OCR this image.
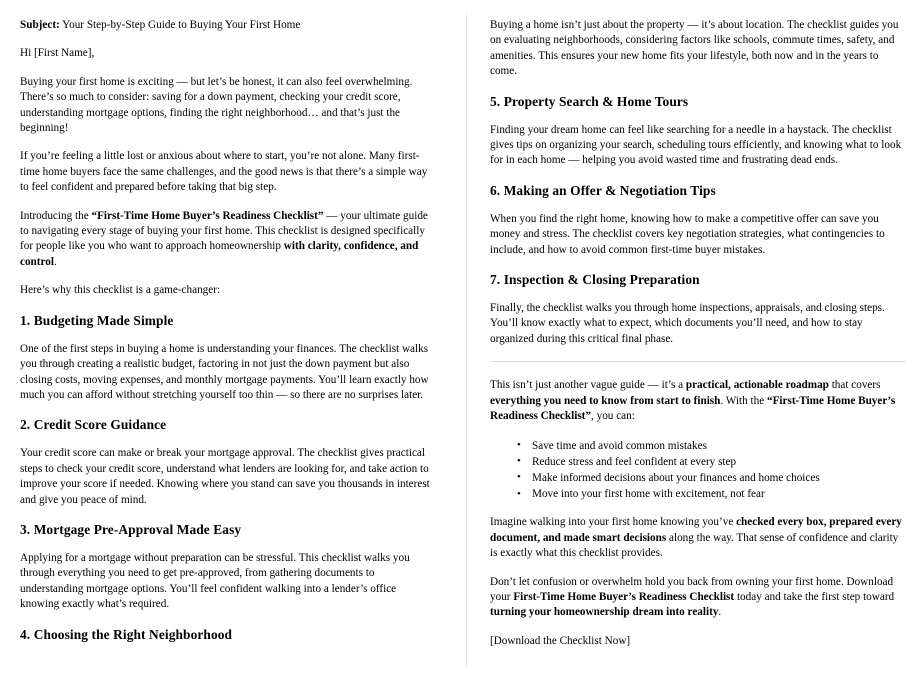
Subject: Your Step-by-Step Guide to Buying Your First Home

Hi [First Name],

Buying your first home is exciting — but let’s be honest, it can also feel overwhelming. There’s so much to consider: saving for a down payment, checking your credit score, understanding mortgage options, finding the right neighborhood… and that’s just the beginning!

If you’re feeling a little lost or anxious about where to start, you’re not alone. Many first-time home buyers face the same challenges, and the good news is that there’s a simple way to feel confident and prepared before taking that big step.

Introducing the “First-Time Home Buyer’s Readiness Checklist” — your ultimate guide to navigating every stage of buying your first home. This checklist is designed specifically for people like you who want to approach homeownership with clarity, confidence, and control.

Here’s why this checklist is a game-changer:

1. Budgeting Made Simple

One of the first steps in buying a home is understanding your finances. The checklist walks you through creating a realistic budget, factoring in not just the down payment but also closing costs, moving expenses, and monthly mortgage payments. You’ll learn exactly how much you can afford without stretching yourself too thin — so there are no surprises later.

2. Credit Score Guidance

Your credit score can make or break your mortgage approval. The checklist gives practical steps to check your credit score, understand what lenders are looking for, and take action to improve your score if needed. Knowing where you stand can save you thousands in interest and give you peace of mind.

3. Mortgage Pre-Approval Made Easy

Applying for a mortgage without preparation can be stressful. This checklist walks you through everything you need to get pre-approved, from gathering documents to understanding mortgage options. You’ll feel confident walking into a lender’s office knowing exactly what’s required.

4. Choosing the Right Neighborhood

Buying a home isn’t just about the property — it’s about location. The checklist guides you on evaluating neighborhoods, considering factors like schools, commute times, safety, and amenities. This ensures your new home fits your lifestyle, both now and in the years to come.

5. Property Search & Home Tours

Finding your dream home can feel like searching for a needle in a haystack. The checklist gives tips on organizing your search, scheduling tours efficiently, and knowing what to look for in each home — helping you avoid wasted time and frustrating dead ends.

6. Making an Offer & Negotiation Tips

When you find the right home, knowing how to make a competitive offer can save you money and stress. The checklist covers key negotiation strategies, what contingencies to include, and how to avoid common first-time buyer mistakes.

7. Inspection & Closing Preparation

Finally, the checklist walks you through home inspections, appraisals, and closing steps. You’ll know exactly what to expect, which documents you’ll need, and how to stay organized during this critical final phase.

This isn’t just another vague guide — it’s a practical, actionable roadmap that covers everything you need to know from start to finish. With the “First-Time Home Buyer’s Readiness Checklist”, you can:

• Save time and avoid common mistakes
• Reduce stress and feel confident at every step
• Make informed decisions about your finances and home choices
• Move into your first home with excitement, not fear

Imagine walking into your first home knowing you’ve checked every box, prepared every document, and made smart decisions along the way. That sense of confidence and clarity is exactly what this checklist provides.

Don’t let confusion or overwhelm hold you back from owning your first home. Download your First-Time Home Buyer’s Readiness Checklist today and take the first step toward turning your homeownership dream into reality.

[Download the Checklist Now]
